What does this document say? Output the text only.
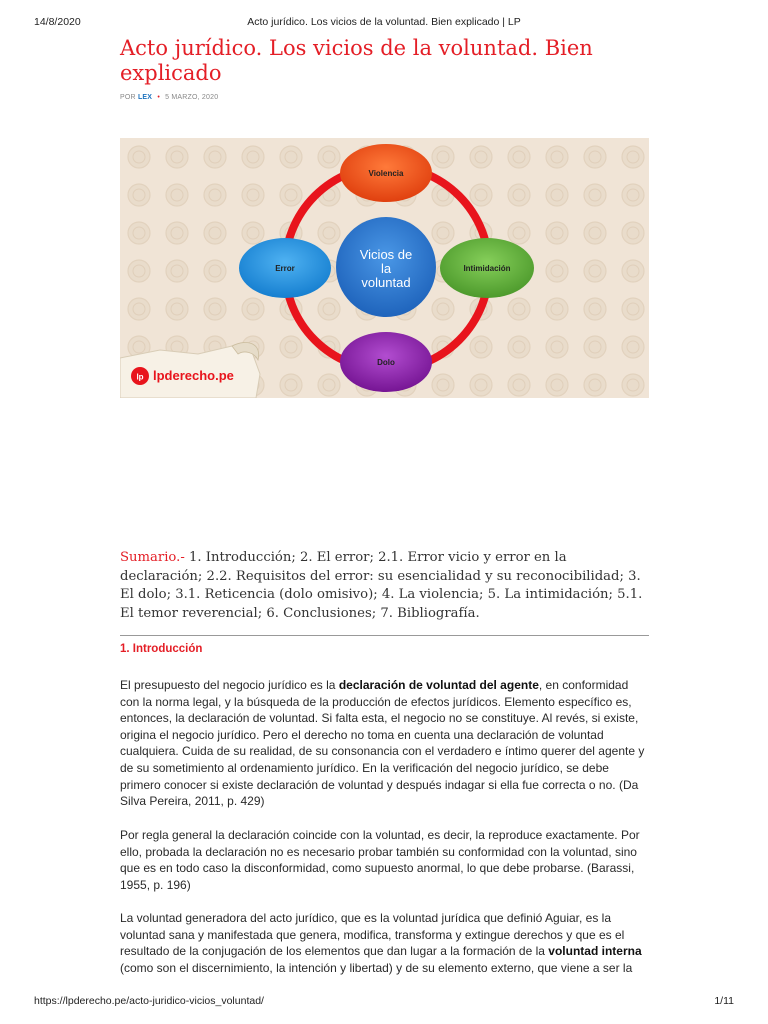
14/8/2020	Acto jurídico. Los vicios de la voluntad. Bien explicado | LP
Acto jurídico. Los vicios de la voluntad. Bien explicado
POR LEX • 5 MARZO, 2020
Vicios de
la
voluntad
Violencia
Intimidación
Dolo
Error
lp lpderecho.pe
Sumario.- 1. Introducción; 2. El error; 2.1. Error vicio y error en la declaración; 2.2. Requisitos del error: su esencialidad y su reconocibilidad; 3. El dolo; 3.1. Reticencia (dolo omisivo); 4. La violencia; 5. La intimidación; 5.1. El temor reverencial; 6. Conclusiones; 7. Bibliografía.
1. Introducción

El presupuesto del negocio jurídico es la declaración de voluntad del agente, en conformidad con la norma legal, y la búsqueda de la producción de efectos jurídicos. Elemento específico es, entonces, la declaración de voluntad. Si falta esta, el negocio no se constituye. Al revés, si existe, origina el negocio jurídico. Pero el derecho no toma en cuenta una declaración de voluntad cualquiera. Cuida de su realidad, de su consonancia con el verdadero e íntimo querer del agente y de su sometimiento al ordenamiento jurídico. En la verificación del negocio jurídico, se debe primero conocer si existe declaración de voluntad y después indagar si ella fue correcta o no. (Da Silva Pereira, 2011, p. 429)

Por regla general la declaración coincide con la voluntad, es decir, la reproduce exactamente. Por ello, probada la declaración no es necesario probar también su conformidad con la voluntad, sino que es en todo caso la disconformidad, como supuesto anormal, lo que debe probarse. (Barassi, 1955, p. 196)

La voluntad generadora del acto jurídico, que es la voluntad jurídica que definió Aguiar, es la voluntad sana y manifestada que genera, modifica, transforma y extingue derechos y que es el resultado de la conjugación de los elementos que dan lugar a la formación de la voluntad interna (como son el discernimiento, la intención y libertad) y de su elemento externo, que viene a ser la

https://lpderecho.pe/acto-juridico-vicios_voluntad/	1/11
